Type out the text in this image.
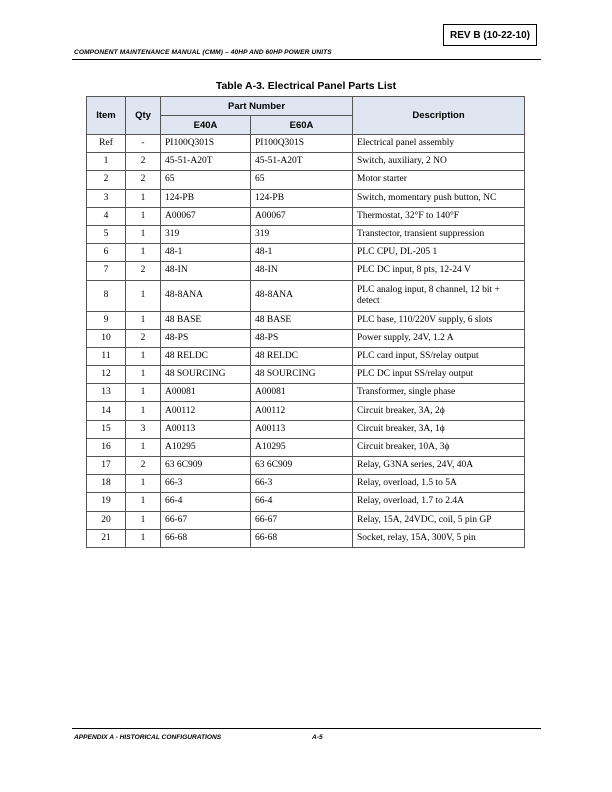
REV B (10-22-10)
COMPONENT MAINTENANCE MANUAL (CMM) – 40HP AND 60HP POWER UNITS
Table A-3. Electrical Panel Parts List
Item	Qty	Part Number		Description
		E40A	E60A	
Ref	-	PI100Q301S	PI100Q301S	Electrical panel assembly
1	2	45-51-A20T	45-51-A20T	Switch, auxiliary, 2 NO
2	2	65	65	Motor starter
3	1	124-PB	124-PB	Switch, momentary push button, NC
4	1	A00067	A00067	Thermostat, 32°F to 140°F
5	1	319	319	Transtector, transient suppression
6	1	48-1	48-1	PLC CPU, DL-205 1
7	2	48-IN	48-IN	PLC DC input, 8 pts, 12-24 V
8	1	48-8ANA	48-8ANA	PLC analog input, 8 channel, 12 bit + detect
9	1	48 BASE	48 BASE	PLC base, 110/220V supply, 6 slots
10	2	48-PS	48-PS	Power supply, 24V, 1.2 A
11	1	48 RELDC	48 RELDC	PLC card input, SS/relay output
12	1	48 SOURCING	48 SOURCING	PLC DC input SS/relay output
13	1	A00081	A00081	Transformer, single phase
14	1	A00112	A00112	Circuit breaker, 3A, 2ϕ
15	3	A00113	A00113	Circuit breaker, 3A, 1ϕ
16	1	A10295	A10295	Circuit breaker, 10A, 3ϕ
17	2	63 6C909	63 6C909	Relay, G3NA series, 24V, 40A
18	1	66-3	66-3	Relay, overload, 1.5 to 5A
19	1	66-4	66-4	Relay, overload, 1.7 to 2.4A
20	1	66-67	66-67	Relay, 15A, 24VDC, coil, 5 pin GP
21	1	66-68	66-68	Socket, relay, 15A, 300V, 5 pin
APPENDIX A - HISTORICAL CONFIGURATIONS	A-5
